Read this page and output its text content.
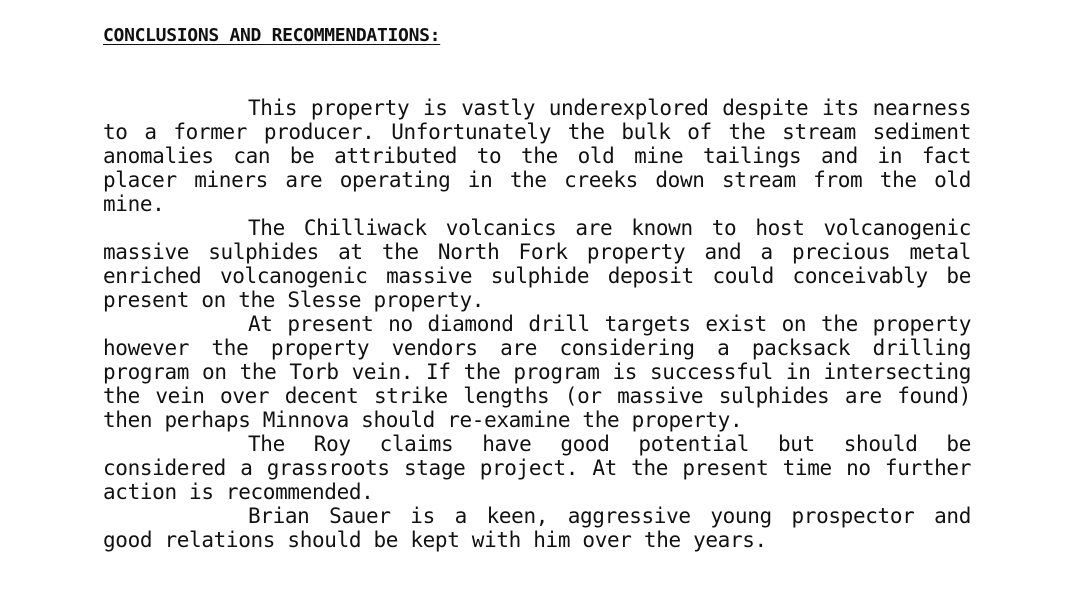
CONCLUSIONS AND RECOMMENDATIONS:

This property is vastly underexplored despite its nearness to a former producer. Unfortunately the bulk of the stream sediment anomalies can be attributed to the old mine tailings and in fact placer miners are operating in the creeks down stream from the old mine.

The Chilliwack volcanics are known to host volcanogenic massive sulphides at the North Fork property and a precious metal enriched volcanogenic massive sulphide deposit could conceivably be present on the Slesse property.

At present no diamond drill targets exist on the property however the property vendors are considering a packsack drilling program on the Torb vein. If the program is successful in intersecting the vein over decent strike lengths (or massive sulphides are found) then perhaps Minnova should re-examine the property.

The Roy claims have good potential but should be considered a grassroots stage project. At the present time no further action is recommended.

Brian Sauer is a keen, aggressive young prospector and good relations should be kept with him over the years.
